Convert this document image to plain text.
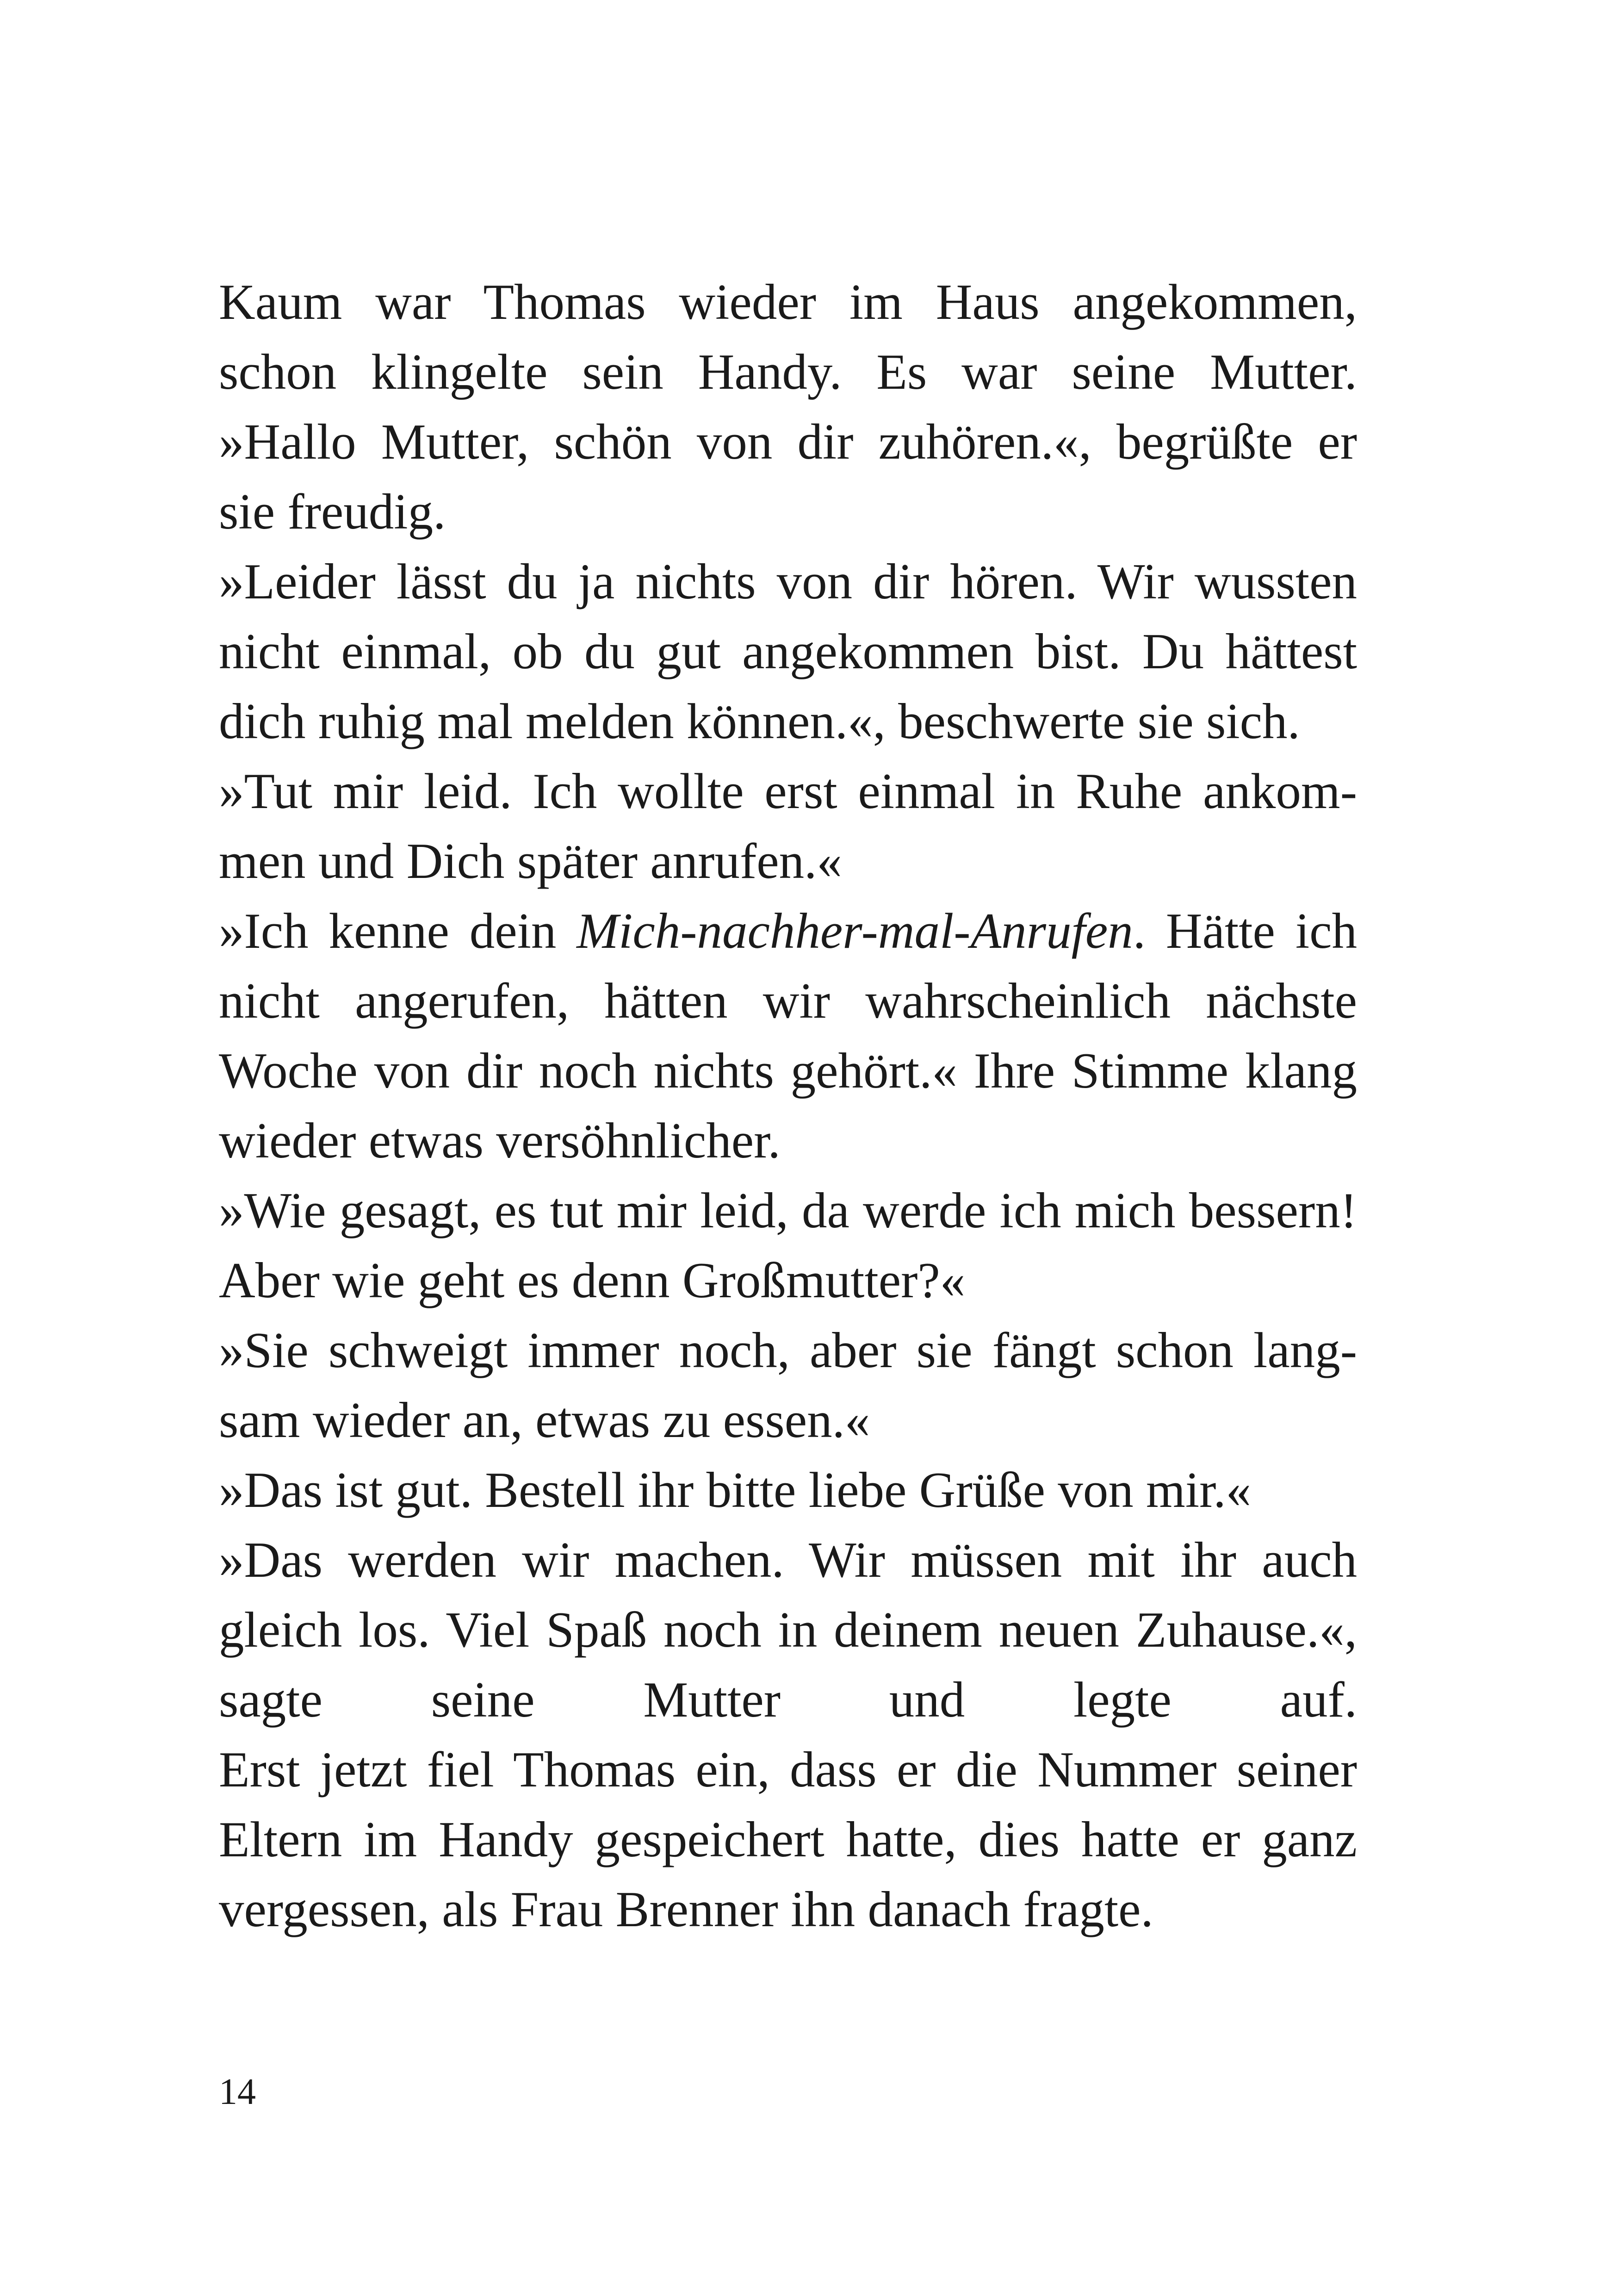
Kaum war Thomas wieder im Haus angekommen,
schon klingelte sein Handy. Es war seine Mutter.
»Hallo Mutter, schön von dir zuhören.«, begrüßte er
sie freudig.
»Leider lässt du ja nichts von dir hören. Wir wussten
nicht einmal, ob du gut angekommen bist. Du hättest
dich ruhig mal melden können.«, beschwerte sie sich.
»Tut mir leid. Ich wollte erst einmal in Ruhe ankom-
men und Dich später anrufen.«
»Ich kenne dein Mich-nachher-mal-Anrufen. Hätte ich
nicht angerufen, hätten wir wahrscheinlich nächste
Woche von dir noch nichts gehört.« Ihre Stimme klang
wieder etwas versöhnlicher.
»Wie gesagt, es tut mir leid, da werde ich mich bessern!
Aber wie geht es denn Großmutter?«
»Sie schweigt immer noch, aber sie fängt schon lang-
sam wieder an, etwas zu essen.«
»Das ist gut. Bestell ihr bitte liebe Grüße von mir.«
»Das werden wir machen. Wir müssen mit ihr auch
gleich los. Viel Spaß noch in deinem neuen Zuhause.«,
sagte seine Mutter und legte auf.
Erst jetzt fiel Thomas ein, dass er die Nummer seiner
Eltern im Handy gespeichert hatte, dies hatte er ganz
vergessen, als Frau Brenner ihn danach fragte.
14
